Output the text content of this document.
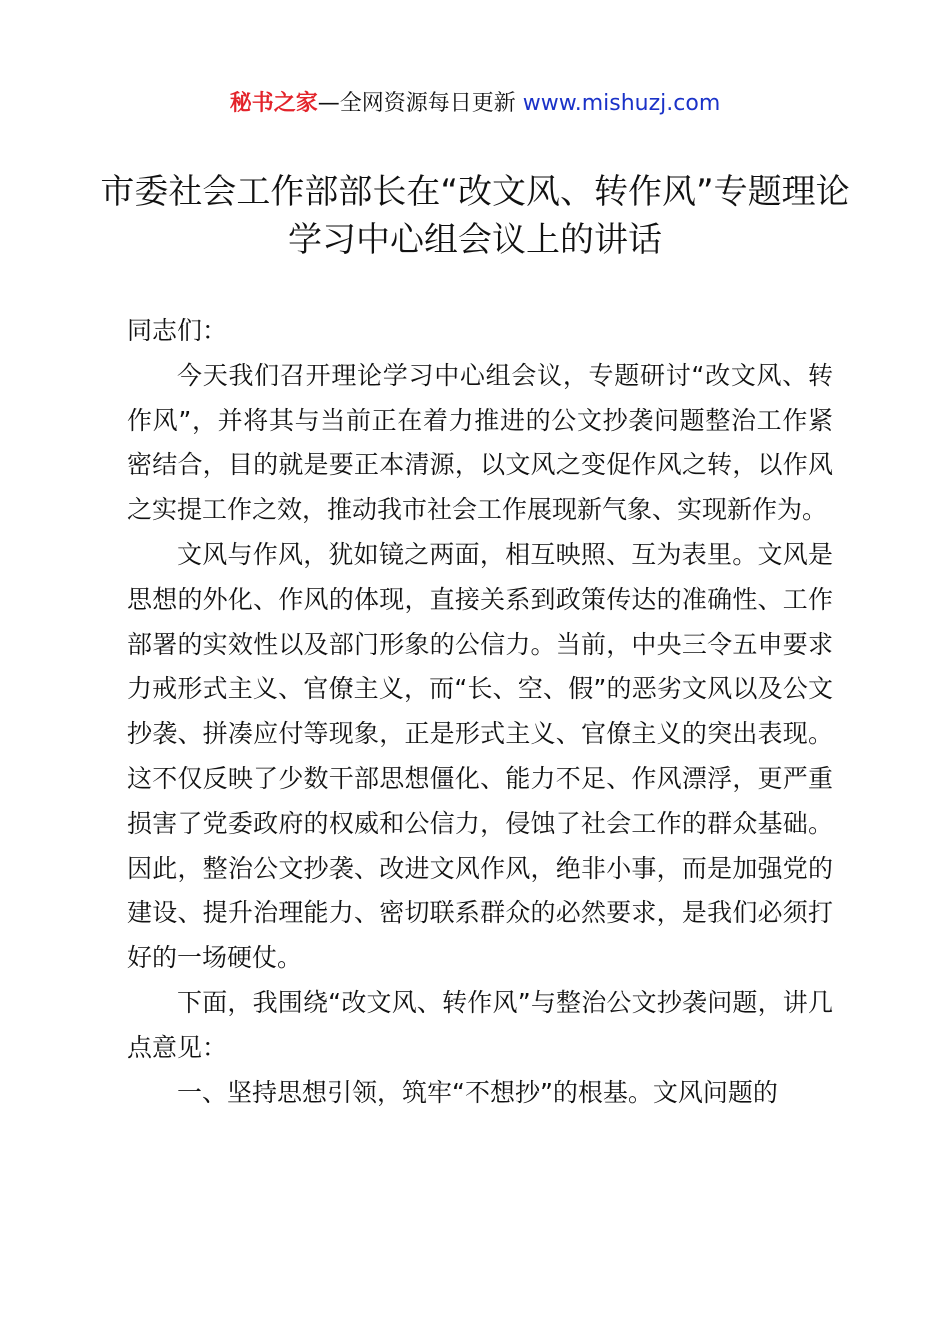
秘书之家—全网资源每日更新 www.mishuzj.com
市委社会工作部部长在“改文风、转作风”专题理论学习中心组会议上的讲话

同志们：

今天我们召开理论学习中心组会议，专题研讨“改文风、转作风”，并将其与当前正在着力推进的公文抄袭问题整治工作紧密结合，目的就是要正本清源，以文风之变促作风之转，以作风之实提工作之效，推动我市社会工作展现新气象、实现新作为。

文风与作风，犹如镜之两面，相互映照、互为表里。文风是思想的外化、作风的体现，直接关系到政策传达的准确性、工作部署的实效性以及部门形象的公信力。当前，中央三令五申要求力戒形式主义、官僚主义，而“长、空、假”的恶劣文风以及公文抄袭、拼凑应付等现象，正是形式主义、官僚主义的突出表现。这不仅反映了少数干部思想僵化、能力不足、作风漂浮，更严重损害了党委政府的权威和公信力，侵蚀了社会工作的群众基础。因此，整治公文抄袭、改进文风作风，绝非小事，而是加强党的建设、提升治理能力、密切联系群众的必然要求，是我们必须打好的一场硬仗。

下面，我围绕“改文风、转作风”与整治公文抄袭问题，讲几点意见：

一、坚持思想引领，筑牢“不想抄”的根基。文风问题的
